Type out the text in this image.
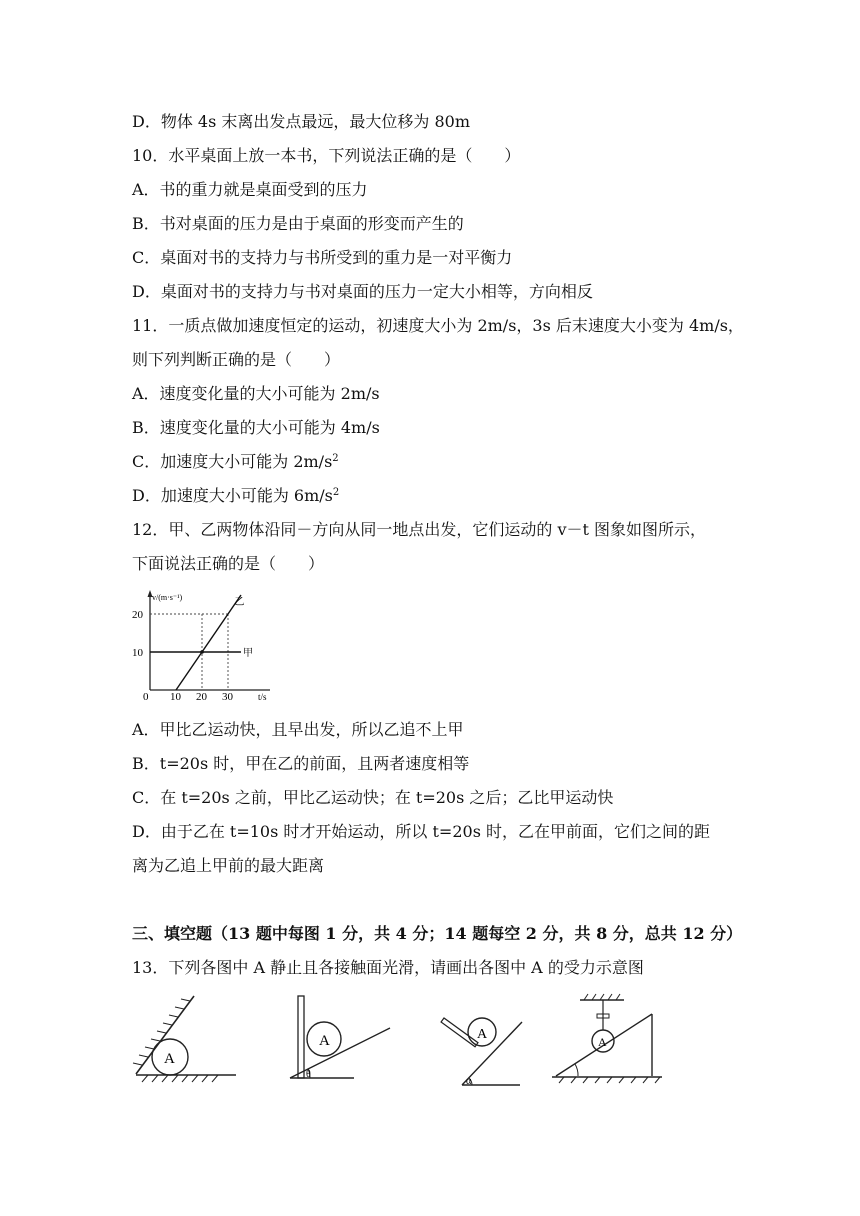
D．物体 4s 末离出发点最远，最大位移为 80m
10．水平桌面上放一本书，下列说法正确的是（　　）
A．书的重力就是桌面受到的压力
B．书对桌面的压力是由于桌面的形变而产生的
C．桌面对书的支持力与书所受到的重力是一对平衡力
D．桌面对书的支持力与书对桌面的压力一定大小相等，方向相反
11．一质点做加速度恒定的运动，初速度大小为 2m/s，3s 后末速度大小变为 4m/s，
则下列判断正确的是（　　）
A．速度变化量的大小可能为 2m/s
B．速度变化量的大小可能为 4m/s
C．加速度大小可能为 $2m/s^2$
D．加速度大小可能为 $6m/s^2$
12．甲、乙两物体沿同－方向从同一地点出发，它们运动的 v－t 图象如图所示，
下面说法正确的是（　　）
v/(m·s⁻¹)
t/s
0
甲
乙
10
20
10 20 30
A．甲比乙运动快，且早出发，所以乙追不上甲
B．t=20s 时，甲在乙的前面，且两者速度相等
C．在 t=20s 之前，甲比乙运动快；在 t=20s 之后；乙比甲运动快
D．由于乙在 t=10s 时才开始运动，所以 t=20s 时，乙在甲前面，它们之间的距
离为乙追上甲前的最大距离
三、填空题（13 题中每图 1 分，共 4 分；14 题每空 2 分，共 8 分，总共 12 分）
13．下列各图中 A 静止且各接触面光滑，请画出各图中 A 的受力示意图
A
θ
A
α
A	A
